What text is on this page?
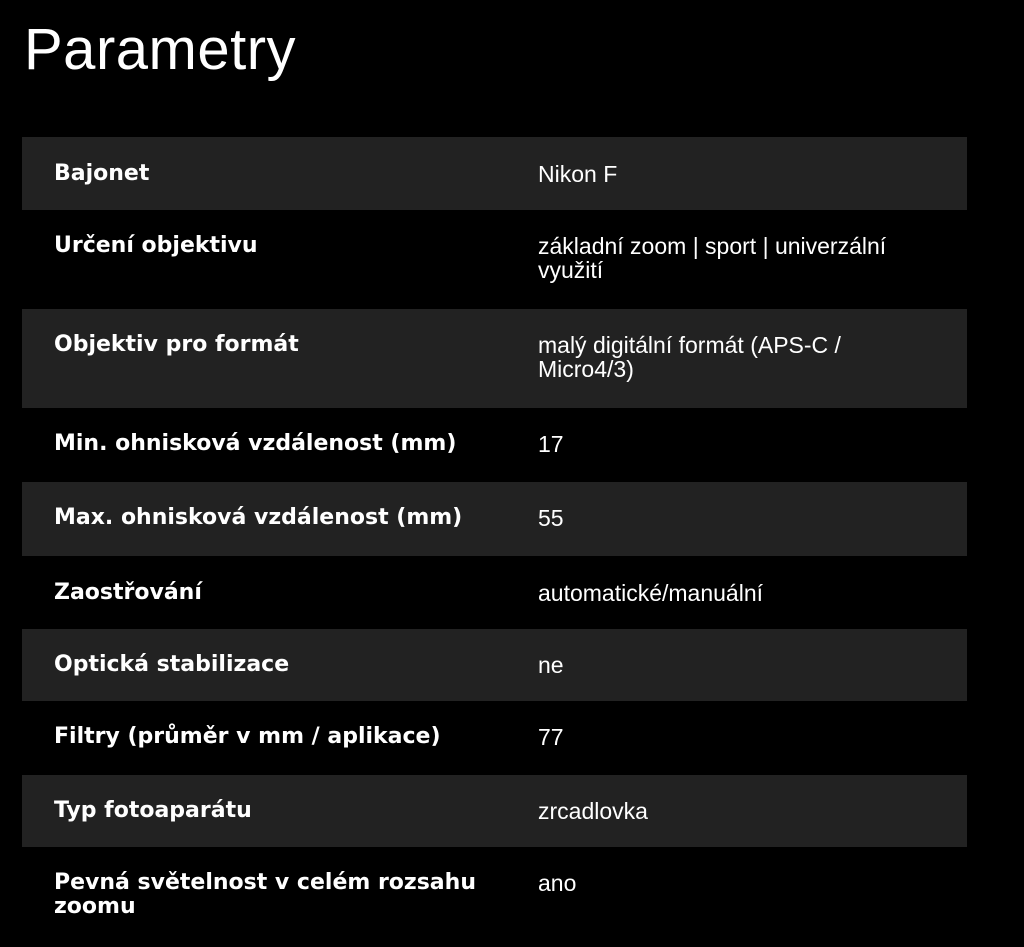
Parametry
Bajonet	Nikon F
Určení objektivu	základní zoom | sport | univerzální využití
Objektiv pro formát	malý digitální formát (APS-C / Micro4/3)
Min. ohnisková vzdálenost (mm)	17
Max. ohnisková vzdálenost (mm)	55
Zaostřování	automatické/manuální
Optická stabilizace	ne
Filtry (průměr v mm / aplikace)	77
Typ fotoaparátu	zrcadlovka
Pevná světelnost v celém rozsahu zoomu	ano
